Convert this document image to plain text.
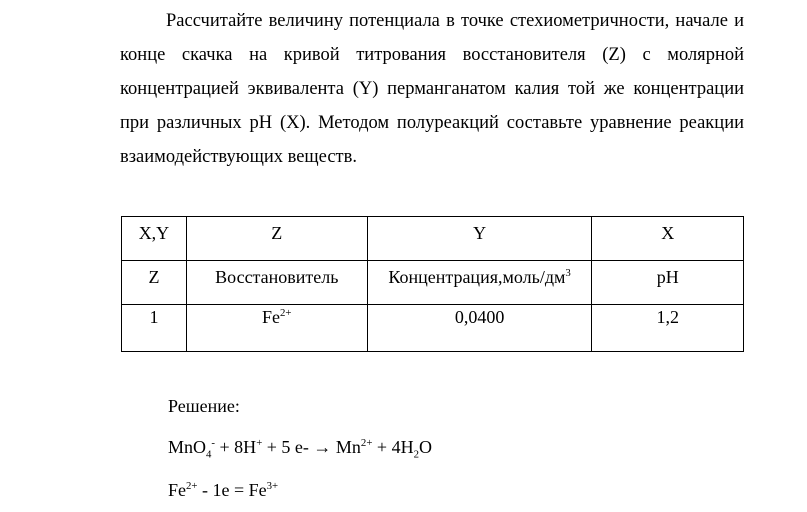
Рассчитайте величину потенциала в точке стехиометричности, начале и
конце скачка на кривой титрования восстановителя (Z) с молярной
концентрацией эквивалента (Y) перманганатом калия той же концентрации
при различных pH (X). Методом полуреакций составьте уравнение реакции
взаимодействующих веществ.
X,Y	Z	Y	X
Z	Восстановитель	$Концентрация,моль/дм^3$	pH
1	$Fe^{2+}$	0,0400	1,2
Решение:
MnO$_4$- + 8H+ + 5 $e- \to Mn^{2+} + 4H_2O$
$Fe^{2+} - 1e = Fe^{3+}$
